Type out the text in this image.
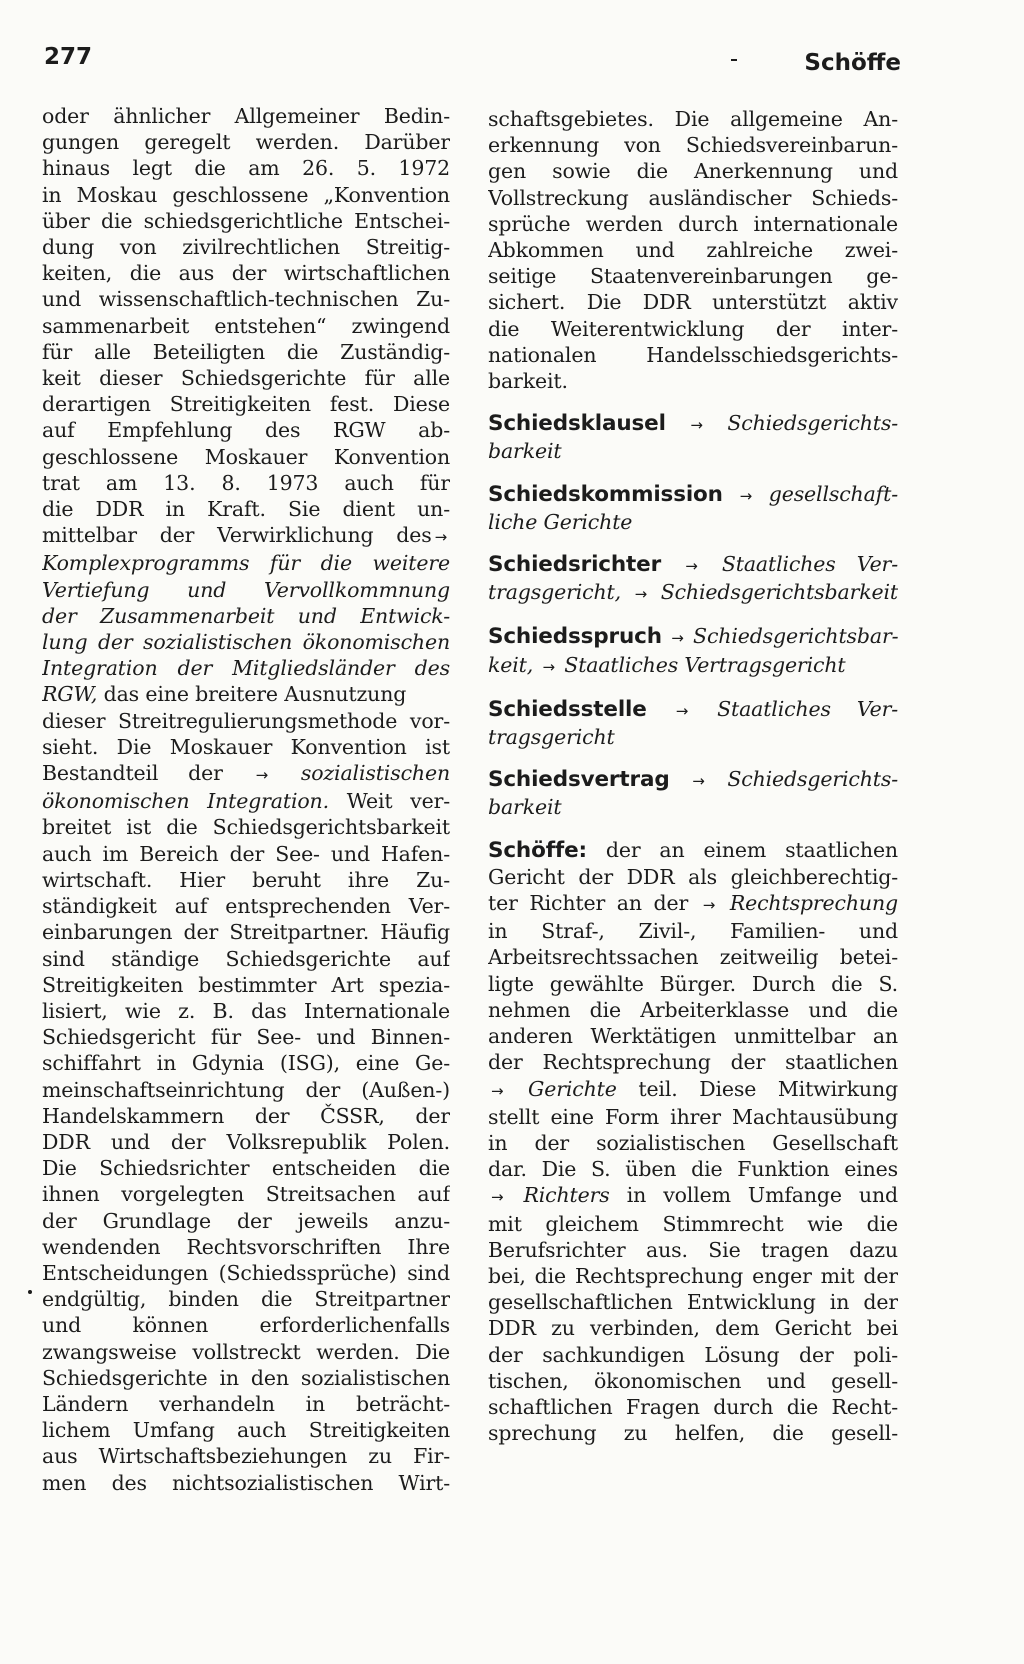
277	Schöffe
oder ähnlicher Allgemeiner Bedin-
gungen geregelt werden. Darüber
hinaus legt die am 26. 5. 1972
in Moskau geschlossene „Konvention
über die schiedsgerichtliche Entschei-
dung von zivilrechtlichen Streitig-
keiten, die aus der wirtschaftlichen
und wissenschaftlich-technischen Zu-
sammenarbeit entstehen“ zwingend
für alle Beteiligten die Zuständig-
keit dieser Schiedsgerichte für alle
derartigen Streitigkeiten fest. Diese
auf Empfehlung des RGW ab-
geschlossene Moskauer Konvention
trat am 13. 8. 1973 auch für
die DDR in Kraft. Sie dient un-
mittelbar der Verwirklichung des →
Komplexprogramms für die weitere
Vertiefung und Vervollkommnung
der Zusammenarbeit und Entwick-
lung der sozialistischen ökonomischen
Integration der Mitgliedsländer des
RGW, das eine breitere Ausnutzung
dieser Streitregulierungsmethode vor-
sieht. Die Moskauer Konvention ist
Bestandteil der → sozialistischen
ökonomischen Integration. Weit ver-
breitet ist die Schiedsgerichtsbarkeit
auch im Bereich der See- und Hafen-
wirtschaft. Hier beruht ihre Zu-
ständigkeit auf entsprechenden Ver-
einbarungen der Streitpartner. Häufig
sind ständige Schiedsgerichte auf
Streitigkeiten bestimmter Art spezia-
lisiert, wie z. B. das Internationale
Schiedsgericht für See- und Binnen-
schiffahrt in Gdynia (ISG), eine Ge-
meinschaftseinrichtung der (Außen-)
Handelskammern der ČSSR, der
DDR und der Volksrepublik Polen.
Die Schiedsrichter entscheiden die
ihnen vorgelegten Streitsachen auf
der Grundlage der jeweils anzu-
wendenden Rechtsvorschriften Ihre
Entscheidungen (Schiedssprüche) sind
endgültig, binden die Streitpartner
und können erforderlichenfalls
zwangsweise vollstreckt werden. Die
Schiedsgerichte in den sozialistischen
Ländern verhandeln in beträcht-
lichem Umfang auch Streitigkeiten
aus Wirtschaftsbeziehungen zu Fir-
men des nichtsozialistischen Wirt-
schaftsgebietes. Die allgemeine An-
erkennung von Schiedsvereinbarun-
gen sowie die Anerkennung und
Vollstreckung ausländischer Schieds-
sprüche werden durch internationale
Abkommen und zahlreiche zwei-
seitige Staatenvereinbarungen ge-
sichert. Die DDR unterstützt aktiv
die Weiterentwicklung der inter-
nationalen Handelsschiedsgerichts-
barkeit.
Schiedsklausel → Schiedsgerichts-
barkeit
Schiedskommission → gesellschaft-
liche Gerichte
Schiedsrichter → Staatliches Ver-
tragsgericht, → Schiedsgerichtsbarkeit
Schiedsspruch → Schiedsgerichtsbar-
keit, → Staatliches Vertragsgericht
Schiedsstelle → Staatliches Ver-
tragsgericht
Schiedsvertrag → Schiedsgerichts-
barkeit
Schöffe: der an einem staatlichen
Gericht der DDR als gleichberechtig-
ter Richter an der → Rechtsprechung
in Straf-, Zivil-, Familien- und
Arbeitsrechtssachen zeitweilig betei-
ligte gewählte Bürger. Durch die S.
nehmen die Arbeiterklasse und die
anderen Werktätigen unmittelbar an
der Rechtsprechung der staatlichen
→ Gerichte teil. Diese Mitwirkung
stellt eine Form ihrer Machtausübung
in der sozialistischen Gesellschaft
dar. Die S. üben die Funktion eines
→ Richters in vollem Umfange und
mit gleichem Stimmrecht wie die
Berufsrichter aus. Sie tragen dazu
bei, die Rechtsprechung enger mit der
gesellschaftlichen Entwicklung in der
DDR zu verbinden, dem Gericht bei
der sachkundigen Lösung der poli-
tischen, ökonomischen und gesell-
schaftlichen Fragen durch die Recht-
sprechung zu helfen, die gesell-
